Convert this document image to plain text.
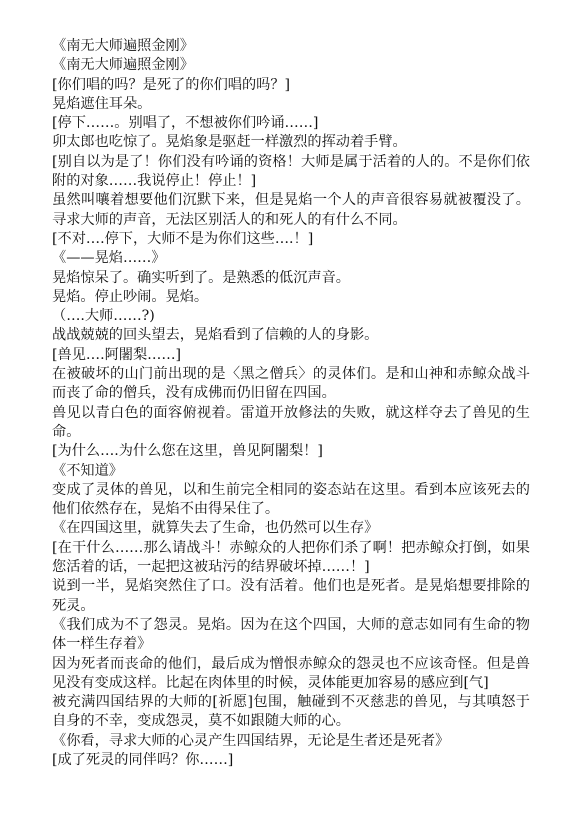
《南无大师遍照金刚》

《南无大师遍照金刚》

[你们唱的吗？是死了的你们唱的吗？]

晃焰遮住耳朵。

[停下……。别唱了，不想被你们吟诵……]

卯太郎也吃惊了。晃焰象是驱赶一样激烈的挥动着手臂。

[别自以为是了！你们没有吟诵的资格！大师是属于活着的人的。不是你们依附的对象……我说停止！停止！]

虽然叫嚷着想要他们沉默下来，但是晃焰一个人的声音很容易就被覆没了。寻求大师的声音，无法区别活人的和死人的有什么不同。

[不对….停下，大师不是为你们这些….！]

《——晃焰……》

晃焰惊呆了。确实听到了。是熟悉的低沉声音。

晃焰。停止吵闹。晃焰。

（….大师……?)

战战兢兢的回头望去，晃焰看到了信赖的人的身影。

[兽见….阿闍梨……]

在被破坏的山门前出现的是〈黑之僧兵〉的灵体们。是和山神和赤鲸众战斗而丧了命的僧兵，没有成佛而仍旧留在四国。

兽见以青白色的面容俯视着。雷道开放修法的失败，就这样夺去了兽见的生命。

[为什么….为什么您在这里，兽见阿闍梨！]

《不知道》

变成了灵体的兽见，以和生前完全相同的姿态站在这里。看到本应该死去的他们依然存在，晃焰不由得呆住了。

《在四国这里，就算失去了生命，也仍然可以生存》

[在干什么……那么请战斗！赤鲸众的人把你们杀了啊！把赤鲸众打倒，如果您活着的话，一起把这被玷污的结界破坏掉……！]

说到一半，晃焰突然住了口。没有活着。他们也是死者。是晃焰想要排除的死灵。

《我们成为不了怨灵。晃焰。因为在这个四国，大师的意志如同有生命的物体一样生存着》

因为死者而丧命的他们，最后成为憎恨赤鲸众的怨灵也不应该奇怪。但是兽见没有变成这样。比起在肉体里的时候，灵体能更加容易的感应到[气]

被充满四国结界的大师的[祈愿]包围，触碰到不灭慈悲的兽见，与其嗔怒于自身的不幸，变成怨灵，莫不如跟随大师的心。

《你看，寻求大师的心灵产生四国结界，无论是生者还是死者》

[成了死灵的同伴吗？你……]
